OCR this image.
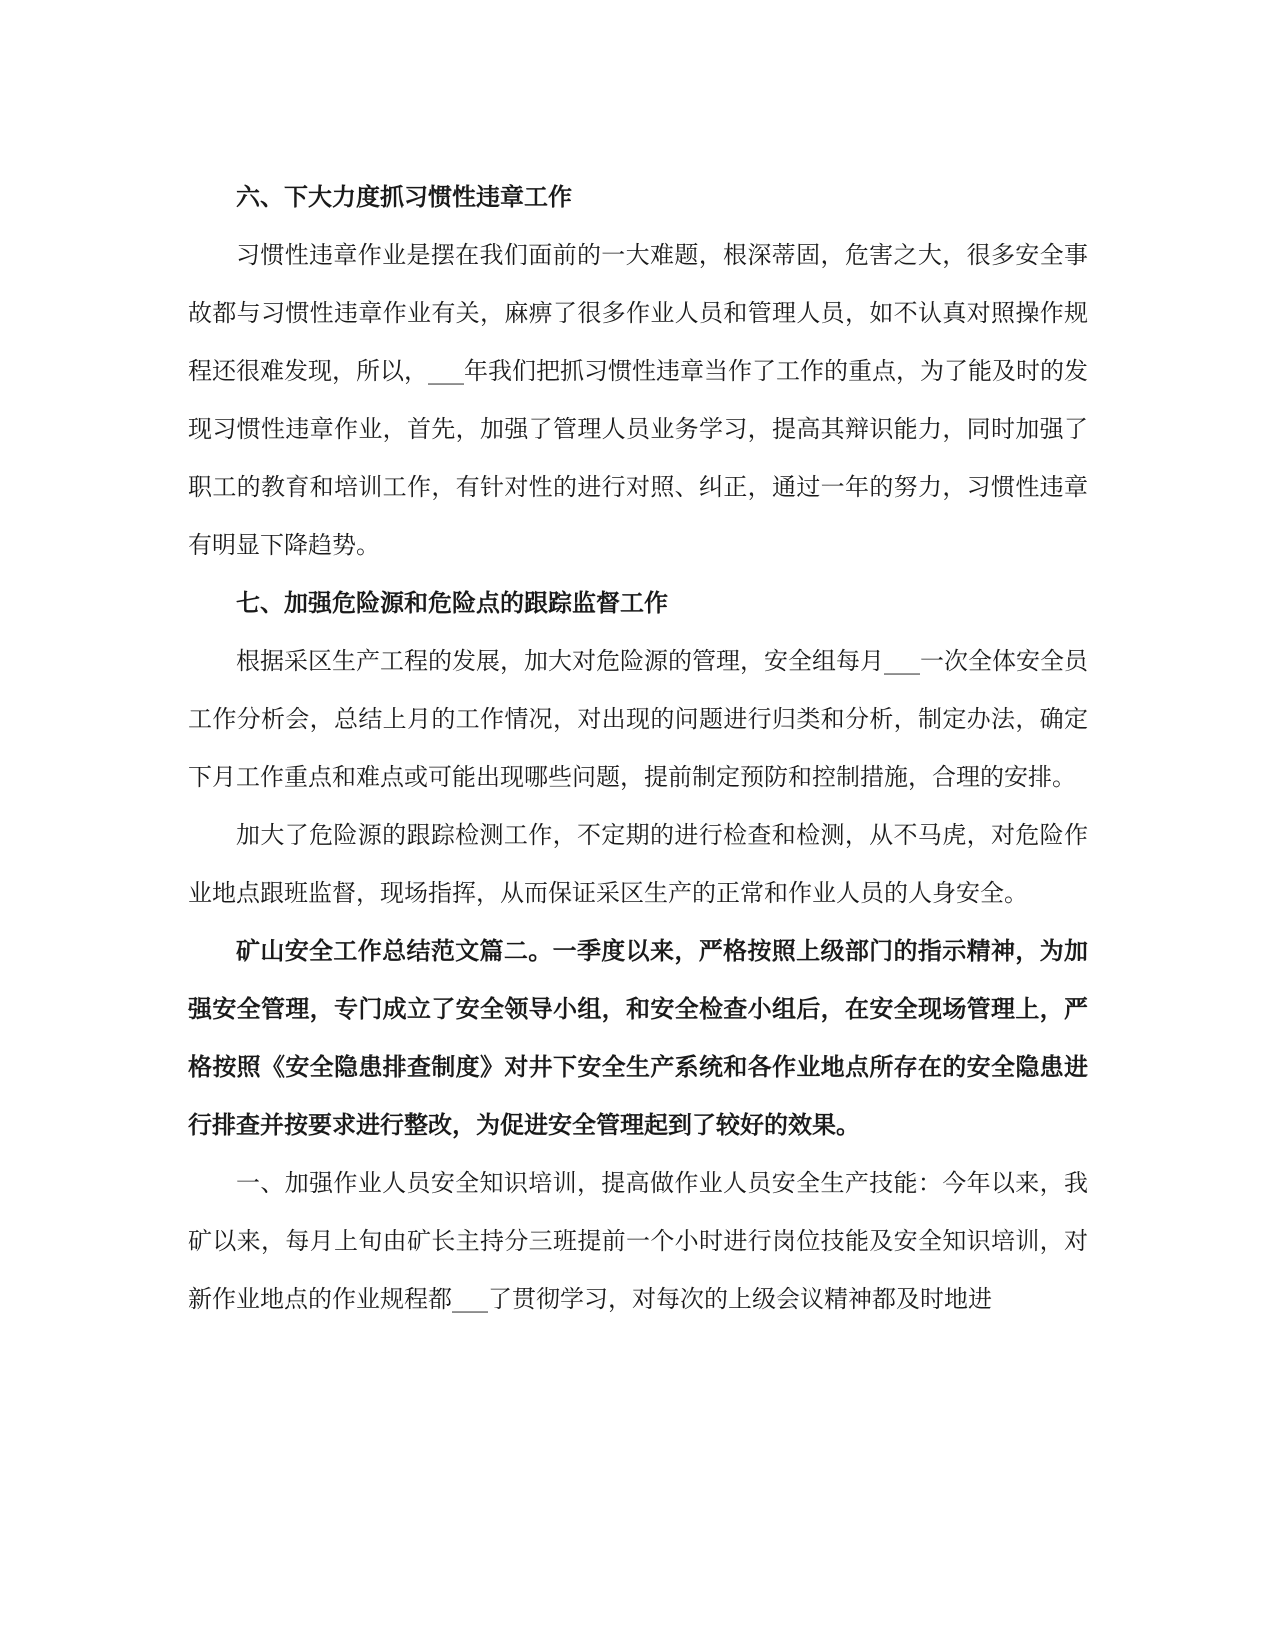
六、下大力度抓习惯性违章工作

习惯性违章作业是摆在我们面前的一大难题，根深蒂固，危害之大，很多安全事故都与习惯性违章作业有关，麻痹了很多作业人员和管理人员，如不认真对照操作规程还很难发现，所以，___年我们把抓习惯性违章当作了工作的重点，为了能及时的发现习惯性违章作业，首先，加强了管理人员业务学习，提高其辩识能力，同时加强了职工的教育和培训工作，有针对性的进行对照、纠正，通过一年的努力，习惯性违章有明显下降趋势。

七、加强危险源和危险点的跟踪监督工作

根据采区生产工程的发展，加大对危险源的管理，安全组每月___一次全体安全员工作分析会，总结上月的工作情况，对出现的问题进行归类和分析，制定办法，确定下月工作重点和难点或可能出现哪些问题，提前制定预防和控制措施，合理的安排。

加大了危险源的跟踪检测工作，不定期的进行检查和检测，从不马虎，对危险作业地点跟班监督，现场指挥，从而保证采区生产的正常和作业人员的人身安全。

矿山安全工作总结范文篇二。一季度以来，严格按照上级部门的指示精神，为加强安全管理，专门成立了安全领导小组，和安全检查小组后，在安全现场管理上，严格按照《安全隐患排查制度》对井下安全生产系统和各作业地点所存在的安全隐患进行排查并按要求进行整改，为促进安全管理起到了较好的效果。

一、加强作业人员安全知识培训，提高做作业人员安全生产技能：今年以来，我矿以来，每月上旬由矿长主持分三班提前一个小时进行岗位技能及安全知识培训，对新作业地点的作业规程都___了贯彻学习，对每次的上级会议精神都及时地进
